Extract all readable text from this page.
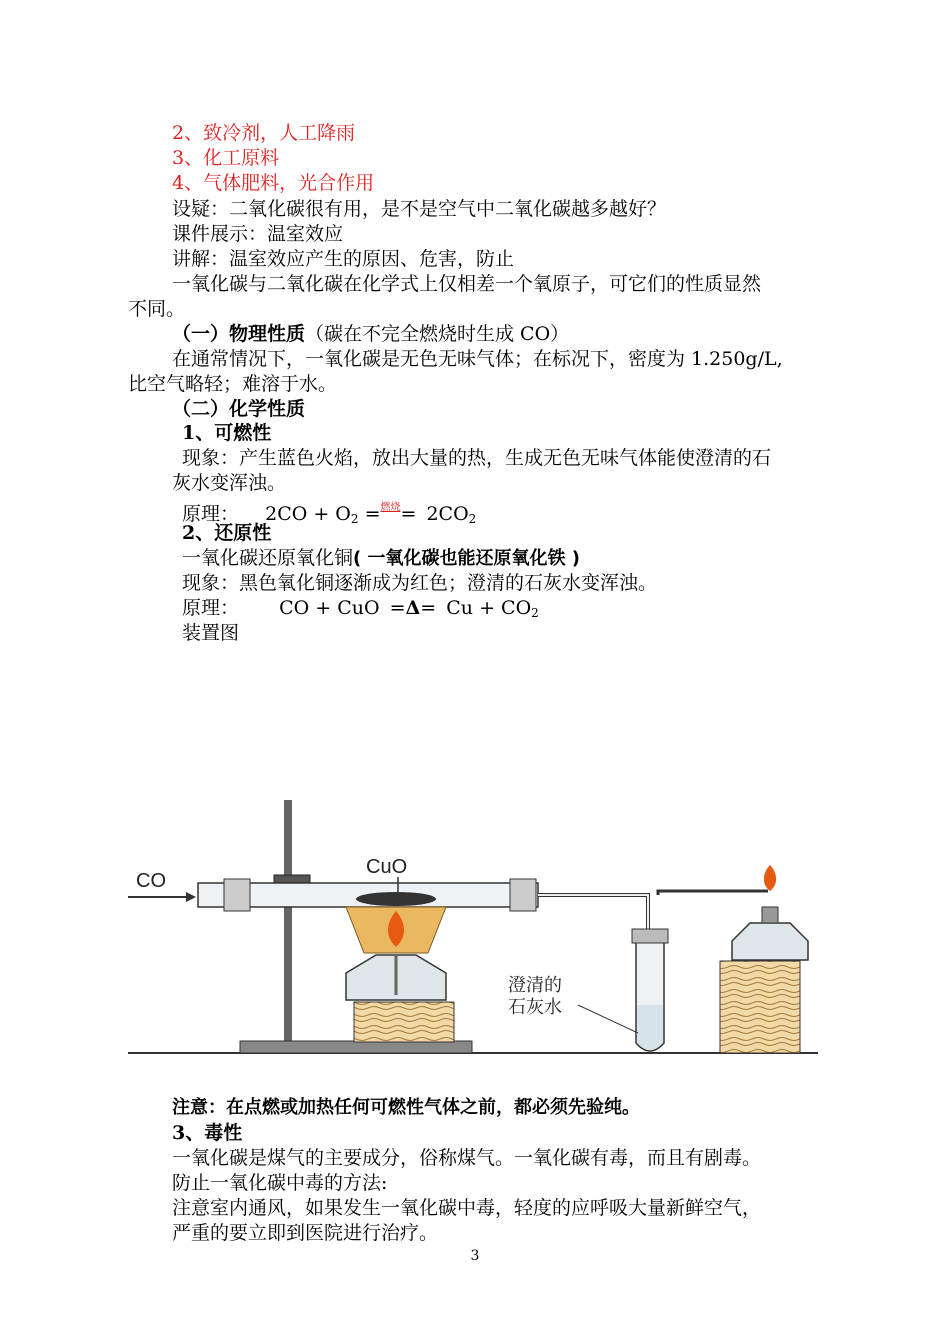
2、致冷剂，人工降雨
3、化工原料
4、气体肥料，光合作用
设疑：二氧化碳很有用，是不是空气中二氧化碳越多越好？
课件展示：温室效应
讲解：温室效应产生的原因、危害，防止
一氧化碳与二氧化碳在化学式上仅相差一个氧原子，可它们的性质显然
不同。
（一）物理性质（碳在不完全燃烧时生成 CO）
在通常情况下，一氧化碳是无色无味气体；在标况下，密度为 1.250g/L,
比空气略轻；难溶于水。
（二）化学性质
1、可燃性
现象：产生蓝色火焰，放出大量的热，生成无色无味气体能使澄清的石
灰水变浑浊。
原理： $2CO + O_2$ =燃烧= $2CO_2$
2、还原性
一氧化碳还原氧化铜( 一氧化碳也能还原氧化铁 )
现象：黑色氧化铜逐渐成为红色；澄清的石灰水变浑浊。
原理： CO + CuO $=\Delta= Cu + CO_2$
装置图
CO
CuO
澄清的
石灰水
注意：在点燃或加热任何可燃性气体之前，都必须先验纯。
3、毒性
一氧化碳是煤气的主要成分，俗称煤气。一氧化碳有毒，而且有剧毒。
防止一氧化碳中毒的方法:
注意室内通风，如果发生一氧化碳中毒，轻度的应呼吸大量新鲜空气，
严重的要立即到医院进行治疗。
3
